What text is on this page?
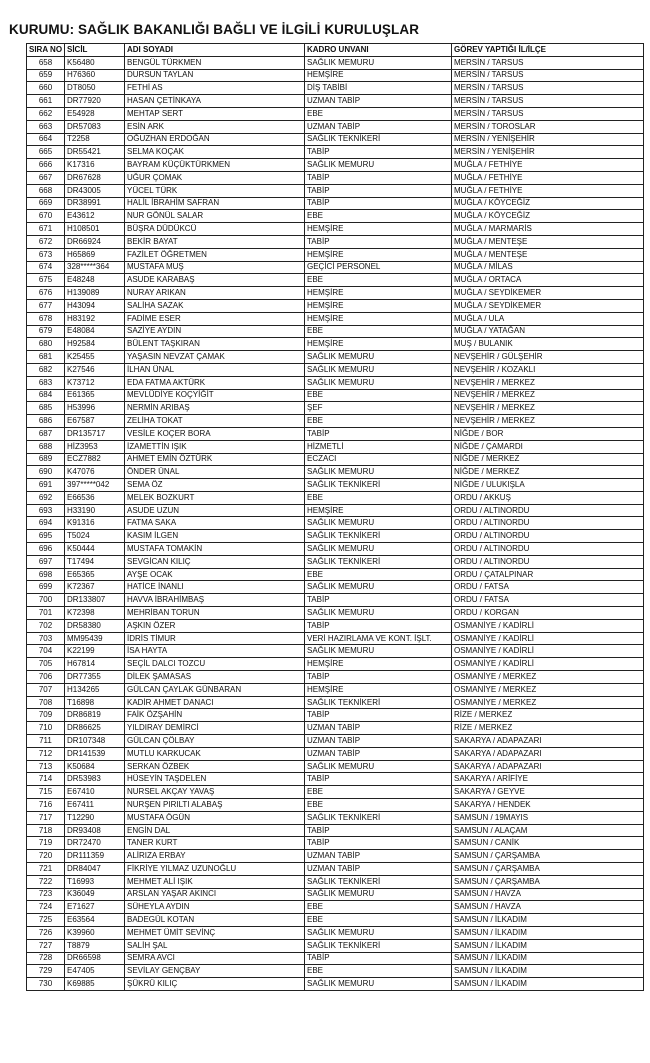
KURUMU: SAĞLIK BAKANLIĞI BAĞLI VE İLGİLİ KURULUŞLAR
SIRA NO	SİCİL	ADI SOYADI	KADRO UNVANI	GÖREV YAPTIĞI İL/İLÇE
658	K56480	BENGÜL TÜRKMEN	SAĞLIK MEMURU	MERSİN / TARSUS
659	H76360	DURSUN TAYLAN	HEMŞİRE	MERSİN / TARSUS
660	DT8050	FETHİ AS	DİŞ TABİBİ	MERSİN / TARSUS
661	DR77920	HASAN ÇETİNKAYA	UZMAN TABİP	MERSİN / TARSUS
662	E54928	MEHTAP SERT	EBE	MERSİN / TARSUS
663	DR57083	ESİN ARK	UZMAN TABİP	MERSİN / TOROSLAR
664	T2258	OĞUZHAN ERDOĞAN	SAĞLIK TEKNİKERİ	MERSİN / YENİŞEHİR
665	DR55421	SELMA KOÇAK	TABİP	MERSİN / YENİŞEHİR
666	K17316	BAYRAM KÜÇÜKTÜRKMEN	SAĞLIK MEMURU	MUĞLA / FETHİYE
667	DR67628	UĞUR ÇOMAK	TABİP	MUĞLA / FETHİYE
668	DR43005	YÜCEL TÜRK	TABİP	MUĞLA / FETHİYE
669	DR38991	HALİL İBRAHİM SAFRAN	TABİP	MUĞLA / KÖYCEĞİZ
670	E43612	NUR GÖNÜL SALAR	EBE	MUĞLA / KÖYCEĞİZ
671	H108501	BÜŞRA DÜDÜKCÜ	HEMŞİRE	MUĞLA / MARMARİS
672	DR66924	BEKİR BAYAT	TABİP	MUĞLA / MENTEŞE
673	H65869	FAZİLET ÖĞRETMEN	HEMŞİRE	MUĞLA / MENTEŞE
674	328*****364	MUSTAFA MUŞ	GEÇİCİ PERSONEL	MUĞLA / MİLAS
675	E48248	ASUDE KARABAŞ	EBE	MUĞLA / ORTACA
676	H139089	NURAY ARIKAN	HEMŞİRE	MUĞLA / SEYDİKEMER
677	H43094	SALİHA SAZAK	HEMŞİRE	MUĞLA / SEYDİKEMER
678	H83192	FADİME ESER	HEMŞİRE	MUĞLA / ULA
679	E48084	SAZİYE AYDIN	EBE	MUĞLA / YATAĞAN
680	H92584	BÜLENT TAŞKIRAN	HEMŞİRE	MUŞ / BULANIK
681	K25455	YAŞASIN NEVZAT ÇAMAK	SAĞLIK MEMURU	NEVŞEHİR / GÜLŞEHİR
682	K27546	İLHAN ÜNAL	SAĞLIK MEMURU	NEVŞEHİR / KOZAKLI
683	K73712	EDA FATMA AKTÜRK	SAĞLIK MEMURU	NEVŞEHİR / MERKEZ
684	E61365	MEVLÜDİYE KOÇYİĞİT	EBE	NEVŞEHİR / MERKEZ
685	H53996	NERMİN ARIBAŞ	ŞEF	NEVŞEHİR / MERKEZ
686	E67587	ZELİHA TOKAT	EBE	NEVŞEHİR / MERKEZ
687	DR135717	VESİLE KOÇER BORA	TABİP	NİĞDE / BOR
688	HİZ3953	İZAMETTİN IŞIK	HİZMETLİ	NİĞDE / ÇAMARDI
689	ECZ7882	AHMET EMİN ÖZTÜRK	ECZACI	NİĞDE / MERKEZ
690	K47076	ÖNDER ÜNAL	SAĞLIK MEMURU	NİĞDE / MERKEZ
691	397*****042	SEMA ÖZ	SAĞLIK TEKNİKERİ	NİĞDE / ULUKIŞLA
692	E66536	MELEK BOZKURT	EBE	ORDU / AKKUŞ
693	H33190	ASUDE UZUN	HEMŞİRE	ORDU / ALTINORDU
694	K91316	FATMA SAKA	SAĞLIK MEMURU	ORDU / ALTINORDU
695	T5024	KASIM İLGEN	SAĞLIK TEKNİKERİ	ORDU / ALTINORDU
696	K50444	MUSTAFA TOMAKİN	SAĞLIK MEMURU	ORDU / ALTINORDU
697	T17494	SEVGİCAN KILIÇ	SAĞLIK TEKNİKERİ	ORDU / ALTINORDU
698	E65365	AYŞE OCAK	EBE	ORDU / ÇATALPINAR
699	K72367	HATİCE İNANLI	SAĞLIK MEMURU	ORDU / FATSA
700	DR133807	HAVVA İBRAHİMBAŞ	TABİP	ORDU / FATSA
701	K72398	MEHRİBAN TORUN	SAĞLIK MEMURU	ORDU / KORGAN
702	DR58380	AŞKIN ÖZER	TABİP	OSMANİYE / KADİRLİ
703	MM95439	İDRİS TİMUR	VERİ HAZIRLAMA VE KONT. İŞLT.	OSMANİYE / KADİRLİ
704	K22199	İSA HAYTA	SAĞLIK MEMURU	OSMANİYE / KADİRLİ
705	H67814	SEÇİL DALCI TOZCU	HEMŞİRE	OSMANİYE / KADİRLİ
706	DR77355	DİLEK ŞAMASAS	TABİP	OSMANİYE / MERKEZ
707	H134265	GÜLCAN ÇAYLAK GÜNBARAN	HEMŞİRE	OSMANİYE / MERKEZ
708	T16898	KADİR AHMET DANACI	SAĞLIK TEKNİKERİ	OSMANİYE / MERKEZ
709	DR86819	FAİK ÖZŞAHİN	TABİP	RİZE / MERKEZ
710	DR86625	YILDIRAY DEMİRCİ	UZMAN TABİP	RİZE / MERKEZ
711	DR107348	GÜLCAN ÇÖLBAY	UZMAN TABİP	SAKARYA / ADAPAZARI
712	DR141539	MUTLU KARKUCAK	UZMAN TABİP	SAKARYA / ADAPAZARI
713	K50684	SERKAN ÖZBEK	SAĞLIK MEMURU	SAKARYA / ADAPAZARI
714	DR53983	HÜSEYİN TAŞDELEN	TABİP	SAKARYA / ARİFİYE
715	E67410	NURSEL AKÇAY YAVAŞ	EBE	SAKARYA / GEYVE
716	E67411	NURŞEN PIRILTI ALABAŞ	EBE	SAKARYA / HENDEK
717	T12290	MUSTAFA ÖGÜN	SAĞLIK TEKNİKERİ	SAMSUN / 19MAYIS
718	DR93408	ENGİN DAL	TABİP	SAMSUN / ALAÇAM
719	DR72470	TANER KURT	TABİP	SAMSUN / CANİK
720	DR111359	ALİRIZA ERBAY	UZMAN TABİP	SAMSUN / ÇARŞAMBA
721	DR84047	FİKRİYE YILMAZ UZUNOĞLU	UZMAN TABİP	SAMSUN / ÇARŞAMBA
722	T16993	MEHMET ALİ IŞIK	SAĞLIK TEKNİKERİ	SAMSUN / ÇARŞAMBA
723	K36049	ARSLAN YAŞAR AKINCI	SAĞLIK MEMURU	SAMSUN / HAVZA
724	E71627	SÜHEYLA AYDIN	EBE	SAMSUN / HAVZA
725	E63564	BADEGÜL KOTAN	EBE	SAMSUN / İLKADIM
726	K39960	MEHMET ÜMİT SEVİNÇ	SAĞLIK MEMURU	SAMSUN / İLKADIM
727	T8879	SALİH ŞAL	SAĞLIK TEKNİKERİ	SAMSUN / İLKADIM
728	DR66598	SEMRA AVCI	TABİP	SAMSUN / İLKADIM
729	E47405	SEVİLAY GENÇBAY	EBE	SAMSUN / İLKADIM
730	K69885	ŞÜKRÜ KILIÇ	SAĞLIK MEMURU	SAMSUN / İLKADIM
